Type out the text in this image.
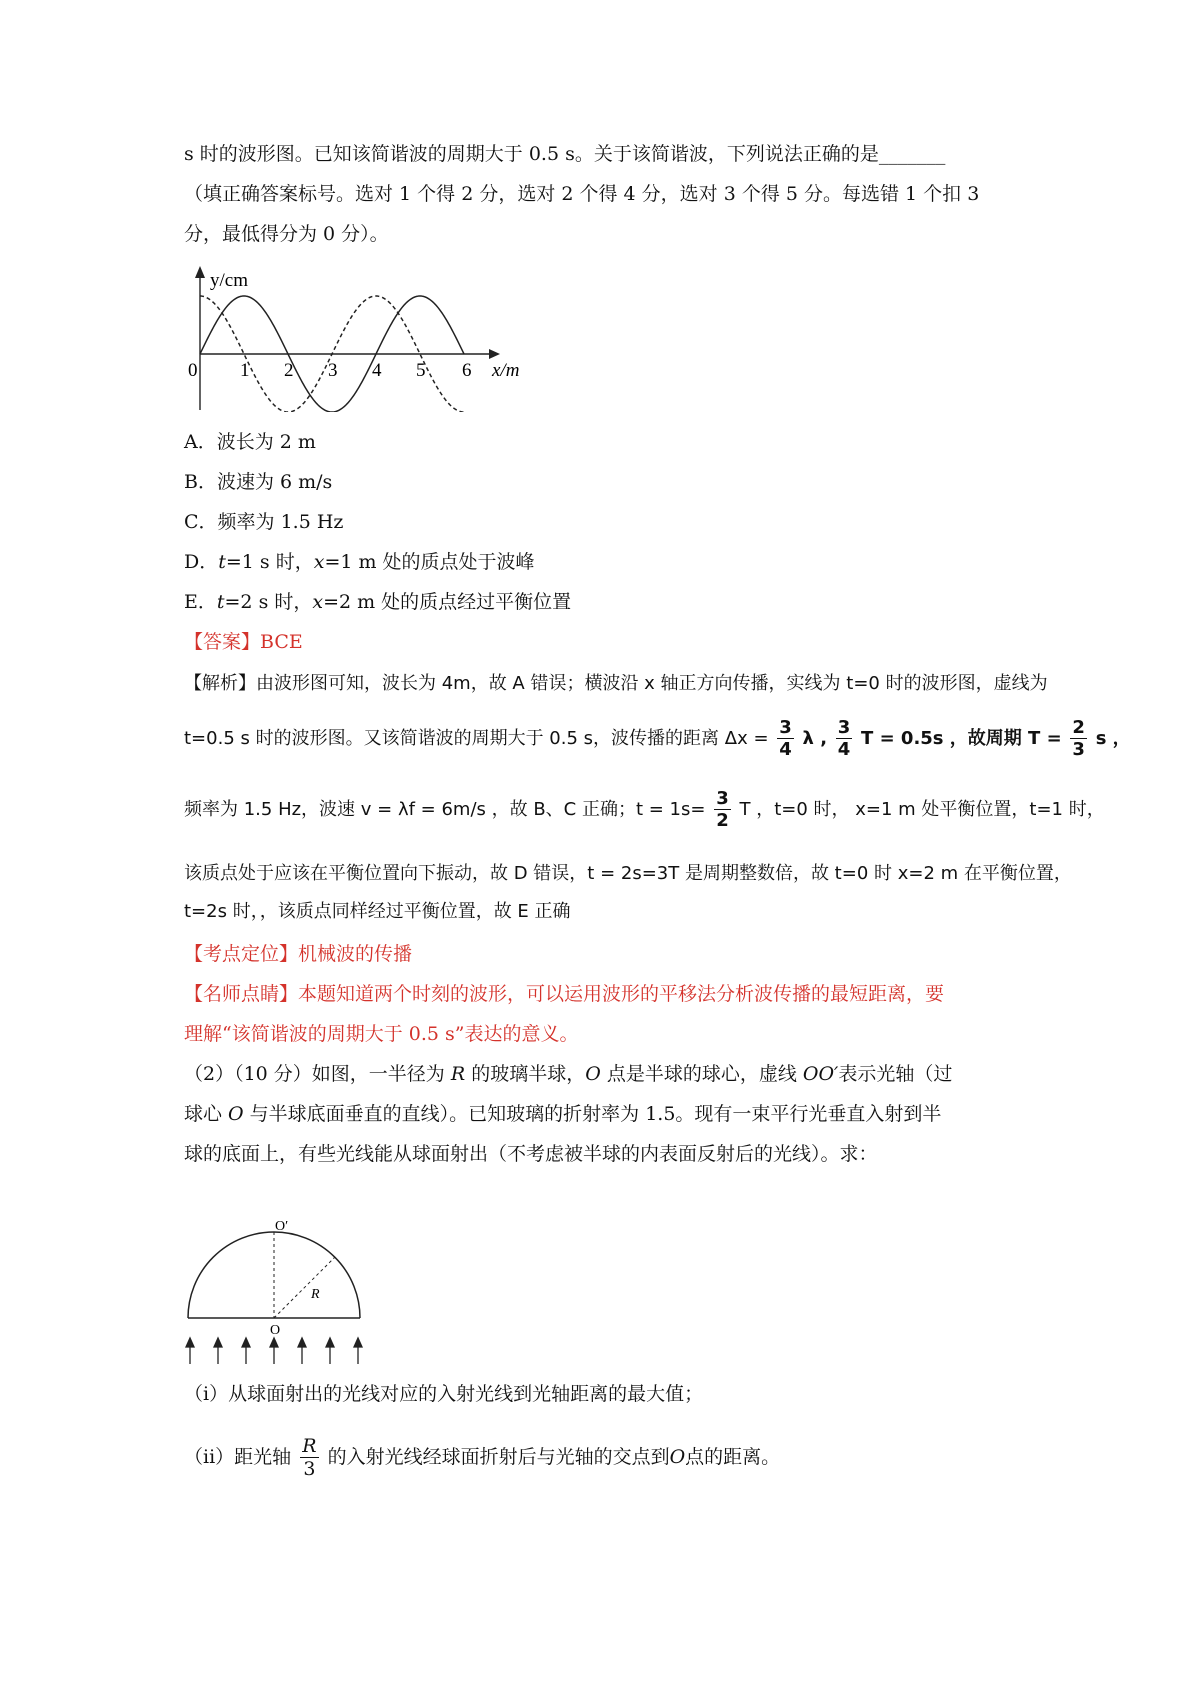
s 时的波形图。已知该简谐波的周期大于 0.5 s。关于该简谐波，下列说法正确的是_______
（填正确答案标号。选对 1 个得 2 分，选对 2 个得 4 分，选对 3 个得 5 分。每选错 1 个扣 3
分，最低得分为 0 分）。
y/cm
0 1 2 3 4 5 6 x/m
A．波长为 2 m
B．波速为 6 m/s
C．频率为 1.5 Hz
D．t=1 s 时，x=1 m 处的质点处于波峰
E．t=2 s 时，x=2 m 处的质点经过平衡位置
【答案】BCE
【解析】由波形图可知，波长为 4m，故 A 错误；横波沿 x 轴正方向传播，实线为 t=0 时的波形图，虚线为
t=0.5 s 时的波形图。又该简谐波的周期大于 0.5 s，波传播的距离 $\Delta x = \frac{3}{4}$ λ , $\frac{3}{4}$ T = 0.5s ，故周期 $T = \frac{2}{3}$ s ，
频率为 1.5 Hz，波速 v = λf = 6m/s ，故 B、C 正确；$t = 1s= \frac{3}{2}$ T ，t=0 时， x=1 m 处平衡位置，t=1 时，
该质点处于应该在平衡位置向下振动，故 D 错误，t = 2s=3T 是周期整数倍，故 t=0 时 x=2 m 在平衡位置，
t=2s 时，，该质点同样经过平衡位置，故 E 正确
【考点定位】机械波的传播
【名师点睛】本题知道两个时刻的波形，可以运用波形的平移法分析波传播的最短距离，要
理解“该简谐波的周期大于 0.5 s”表达的意义。
（2）（10 分）如图，一半径为 R 的玻璃半球，O 点是半球的球心，虚线 OO′表示光轴（过
球心 O 与半球底面垂直的直线）。已知玻璃的折射率为 1.5。现有一束平行光垂直入射到半
球的底面上，有些光线能从球面射出（不考虑被半球的内表面反射后的光线）。求：
O′
O
R
（i）从球面射出的光线对应的入射光线到光轴距离的最大值；
（ii）距光轴 $\frac{R}{3}$ 的入射光线经球面折射后与光轴的交点到O点的距离。
